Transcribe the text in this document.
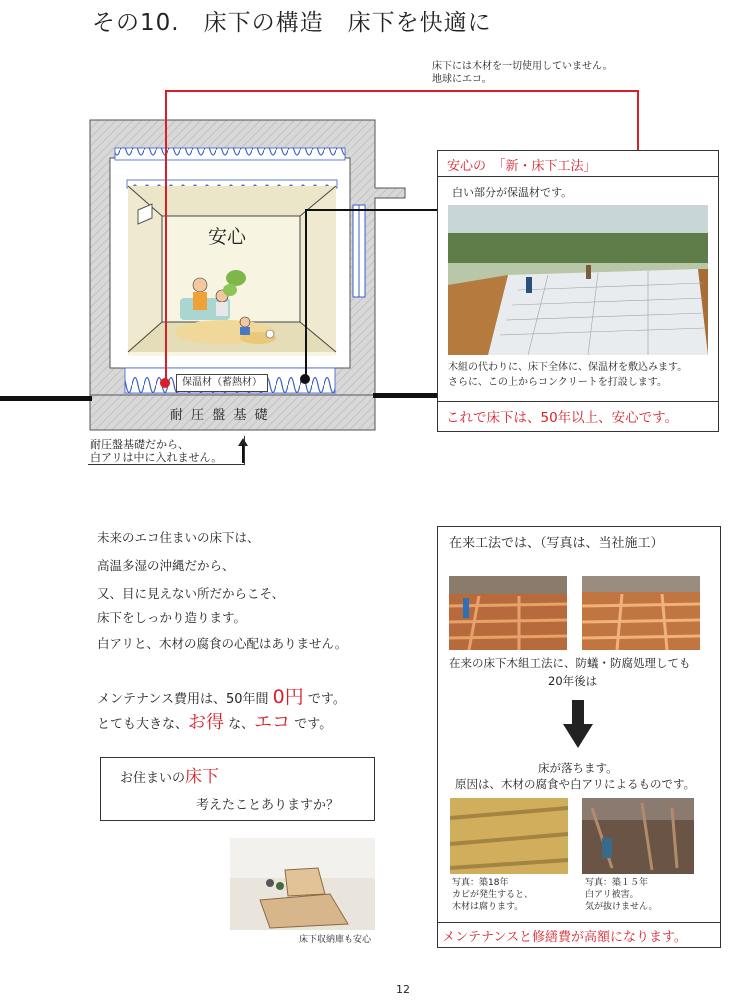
その10.　床下の構造　床下を快適に
床下には木材を一切使用していません。
地球にエコ。
安心
保温材（蓄熱材）
耐 圧 盤 基 礎
耐圧盤基礎だから、
白アリは中に入れません。
安心の　「新・床下工法」
白い部分が保温材です。
木組の代わりに、床下全体に、保温材を敷込みます。
さらに、この上からコンクリートを打設します。
これで床下は、50年以上、安心です。
未来のエコ住まいの床下は、
高温多湿の沖縄だから、
又、目に見えない所だからこそ、
床下をしっかり造ります。
白アリと、木材の腐食の心配はありません。
メンテナンス費用は、50年間 0円 です。
とても大きな、お得 な、エコ です。
お住まいの床下
考えたことありますか？
床下収納庫も安心
在来工法では、（写真は、当社施工）
在来の床下木組工法に、防蟻・防腐処理しても
20年後は
床が落ちます。
原因は、木材の腐食や白アリによるものです。
写真：築18年
カビが発生すると、
木材は腐ります。
写真：築１５年
白アリ被害。
気が抜けません。
メンテナンスと修繕費が高額になります。
12
